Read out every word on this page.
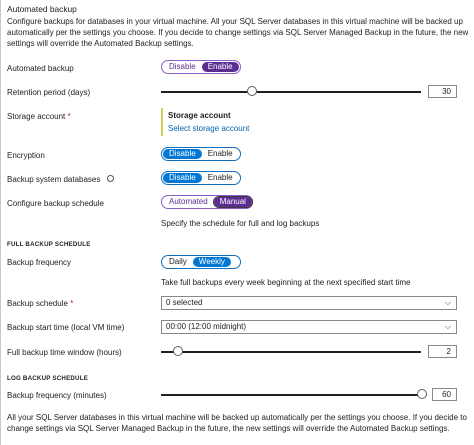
Automated backup
Configure backups for databases in your virtual machine. All your SQL Server databases in this virtual machine will be backed up automatically per the settings you choose. If you decide to change settings via SQL Server Managed Backup in the future, the new settings will override the Automated Backup settings.
Automated backup	Disable	Enable
Retention period (days)	30
Storage account *	Storage account
Select storage account
Encryption	Disable	Enable
Backup system databases	Disable	Enable
Configure backup schedule	Automated	Manual
Specify the schedule for full and log backups
FULL BACKUP SCHEDULE
Backup frequency	Daily	Weekly
Take full backups every week beginning at the next specified start time
Backup schedule *	0 selected	⌵
Backup start time (local VM time)	00:00 (12:00 midnight)	⌵
Full backup time window (hours)	2
LOG BACKUP SCHEDULE
Backup frequency (minutes)	60
All your SQL Server databases in this virtual machine will be backed up automatically per the settings you choose. If you decide to change settings via SQL Server Managed Backup in the future, the new settings will override the Automated Backup settings.
